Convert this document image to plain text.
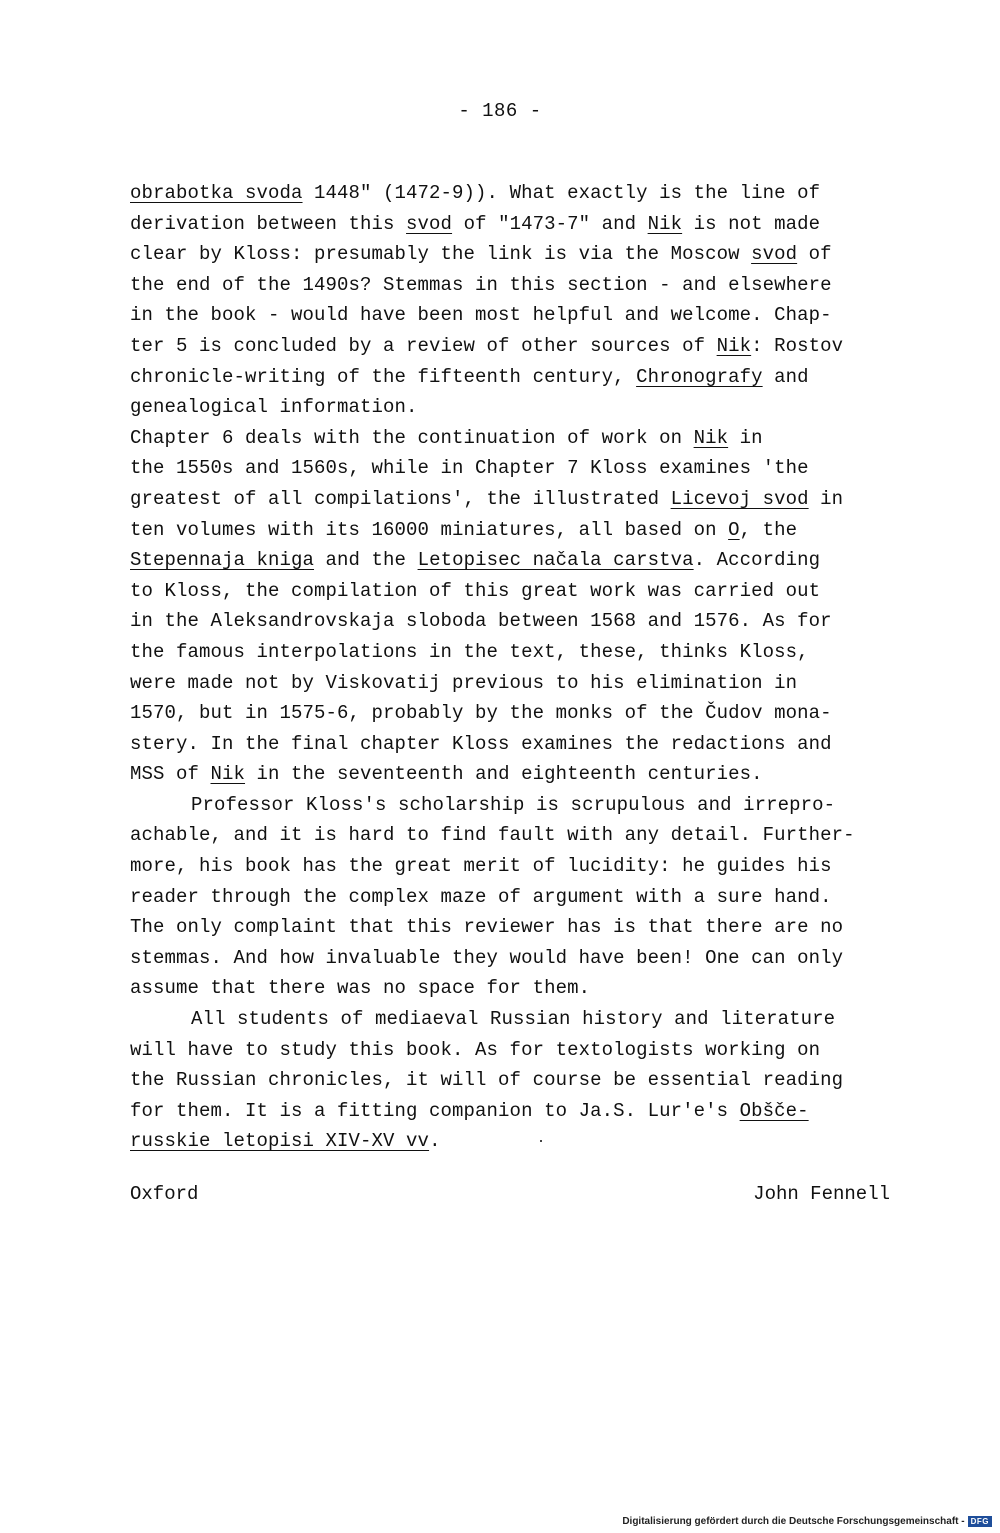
- 186 -
obrabotka svoda 1448" (1472-9)). What exactly is the line of
derivation between this svod of "1473-7" and Nik is not made
clear by Kloss: presumably the link is via the Moscow svod of
the end of the 1490s? Stemmas in this section - and elsewhere
in the book - would have been most helpful and welcome. Chap-
ter 5 is concluded by a review of other sources of Nik: Rostov
chronicle-writing of the fifteenth century, Chronografy and
genealogical information.
Chapter 6 deals with the continuation of work on Nik in
the 1550s and 1560s, while in Chapter 7 Kloss examines 'the
greatest of all compilations', the illustrated Licevoj svod in
ten volumes with its 16000 miniatures, all based on O, the
Stepennaja kniga and the Letopisec načala carstva. According
to Kloss, the compilation of this great work was carried out
in the Aleksandrovskaja sloboda between 1568 and 1576. As for
the famous interpolations in the text, these, thinks Kloss,
were made not by Viskovatij previous to his elimination in
1570, but in 1575-6, probably by the monks of the Čudov mona-
stery. In the final chapter Kloss examines the redactions and
MSS of Nik in the seventeenth and eighteenth centuries.
Professor Kloss's scholarship is scrupulous and irrepro-
achable, and it is hard to find fault with any detail. Further-
more, his book has the great merit of lucidity: he guides his
reader through the complex maze of argument with a sure hand.
The only complaint that this reviewer has is that there are no
stemmas. And how invaluable they would have been! One can only
assume that there was no space for them.
All students of mediaeval Russian history and literature
will have to study this book. As for textologists working on
the Russian chronicles, it will of course be essential reading
for them. It is a fitting companion to Ja.S. Lur'e's Obšče-
russkie letopisi XIV-XV vv.
Oxford	John Fennell
Digitalisierung gefördert durch die Deutsche Forschungsgemeinschaft - DFG
